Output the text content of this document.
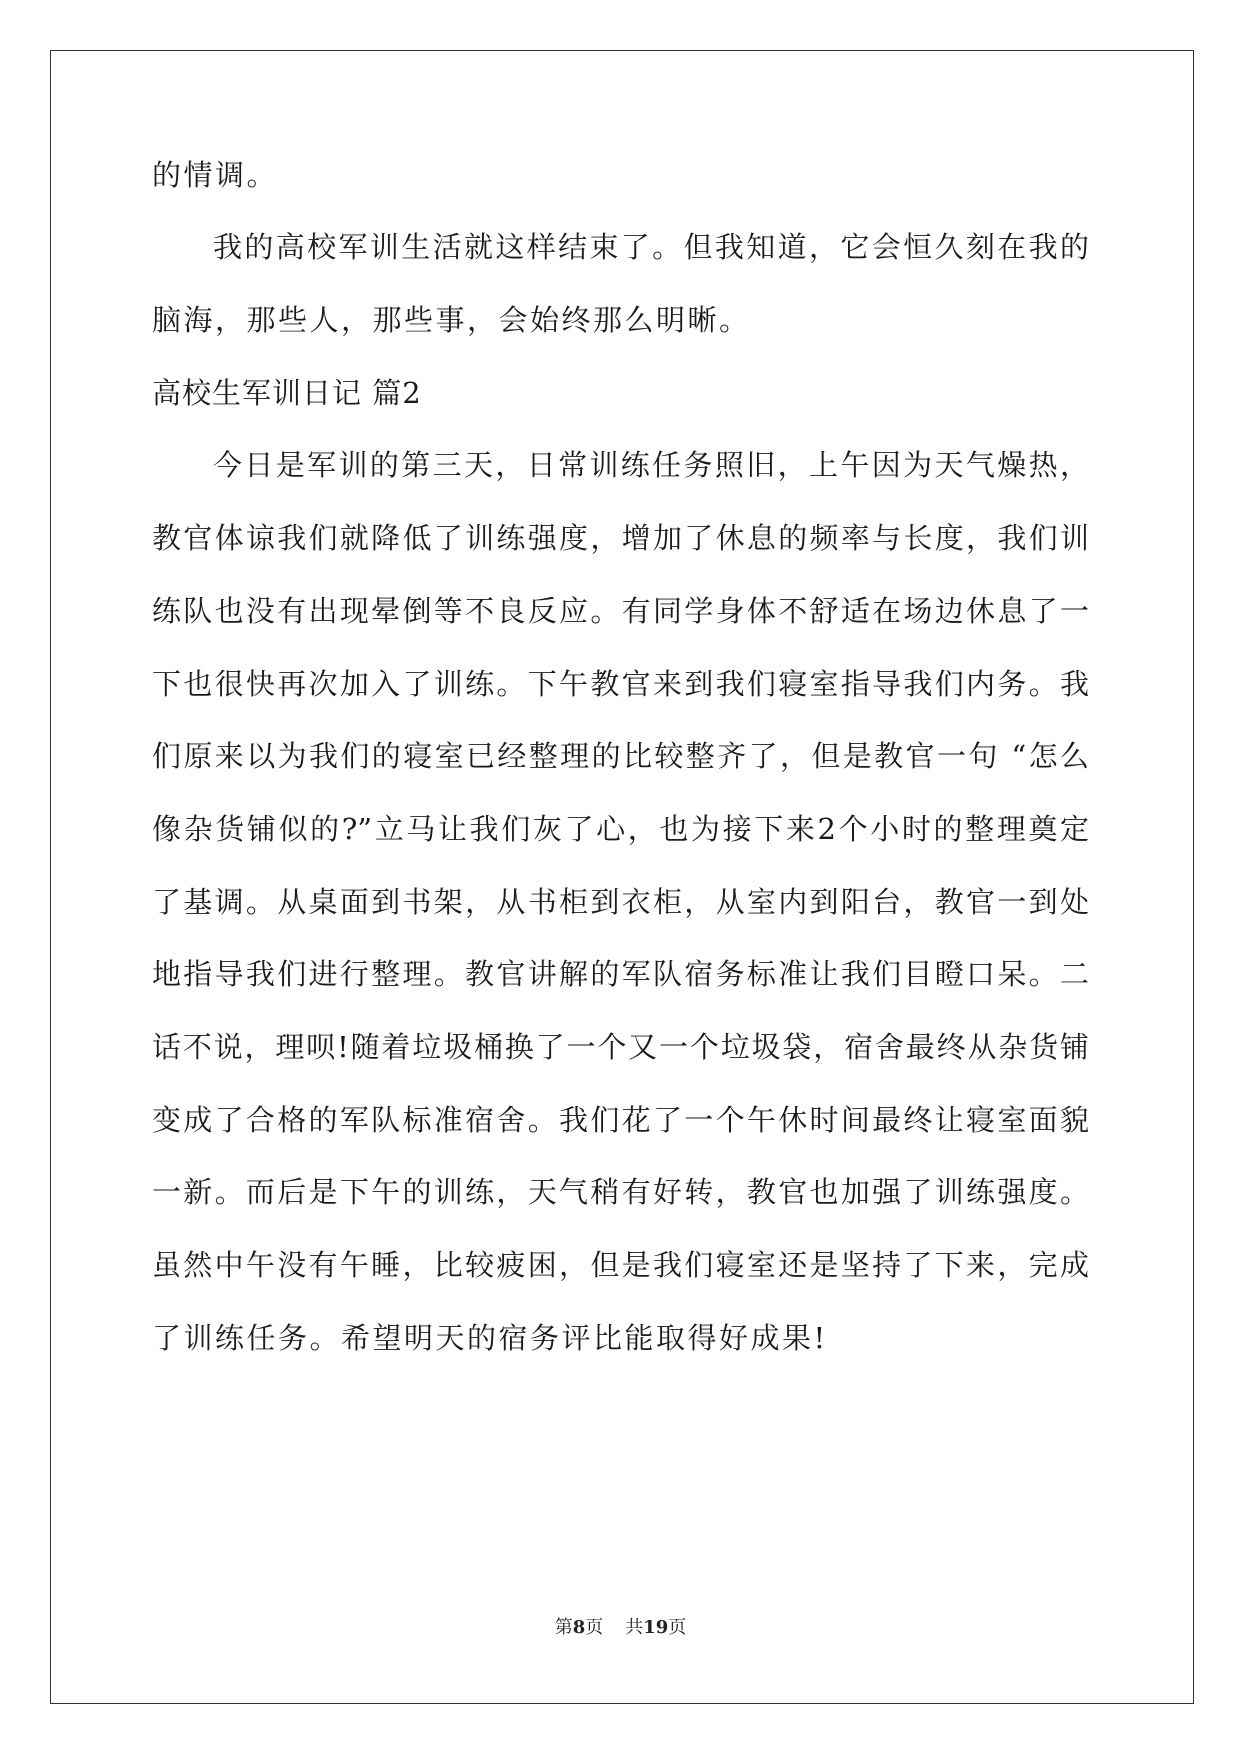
的情调。
我的高校军训生活就这样结束了。但我知道，它会恒久刻在我的
脑海，那些人，那些事，会始终那么明晰。
高校生军训日记 篇2
今日是军训的第三天，日常训练任务照旧，上午因为天气燥热，
教官体谅我们就降低了训练强度，增加了休息的频率与长度，我们训
练队也没有出现晕倒等不良反应。有同学身体不舒适在场边休息了一
下也很快再次加入了训练。下午教官来到我们寝室指导我们内务。我
们原来以为我们的寝室已经整理的比较整齐了，但是教官一句 “怎么
像杂货铺似的?”立马让我们灰了心，也为接下来2个小时的整理奠定
了基调。从桌面到书架，从书柜到衣柜，从室内到阳台，教官一到处
地指导我们进行整理。教官讲解的军队宿务标准让我们目瞪口呆。二
话不说，理呗!随着垃圾桶换了一个又一个垃圾袋，宿舍最终从杂货铺
变成了合格的军队标准宿舍。我们花了一个午休时间最终让寝室面貌
一新。而后是下午的训练，天气稍有好转，教官也加强了训练强度。
虽然中午没有午睡，比较疲困，但是我们寝室还是坚持了下来，完成
了训练任务。希望明天的宿务评比能取得好成果!
第8页 共19页
